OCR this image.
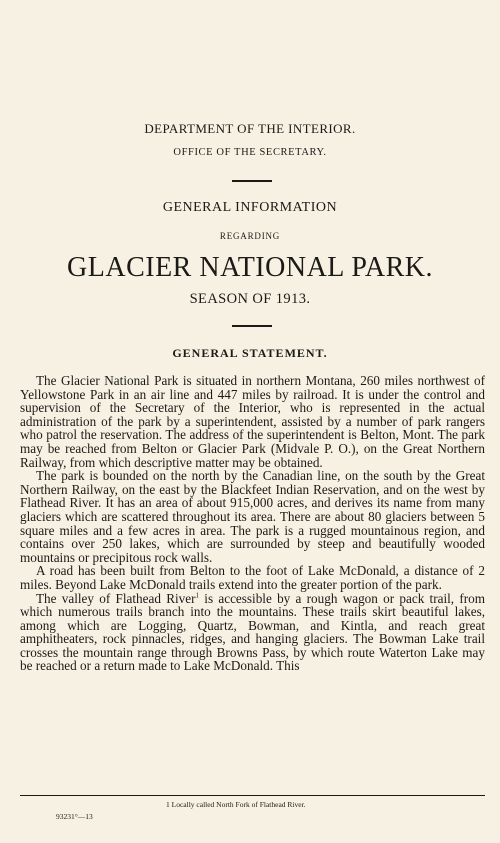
DEPARTMENT OF THE INTERIOR.
OFFICE OF THE SECRETARY.
GENERAL INFORMATION
REGARDING
GLACIER NATIONAL PARK.
SEASON OF 1913.
GENERAL STATEMENT.

The Glacier National Park is situated in northern Montana, 260 miles northwest of Yellowstone Park in an air line and 447 miles by railroad. It is under the control and supervision of the Secretary of the Interior, who is represented in the actual administration of the park by a superintendent, assisted by a number of park rangers who patrol the reservation. The address of the superintendent is Belton, Mont. The park may be reached from Belton or Glacier Park (Midvale P. O.), on the Great Northern Railway, from which descriptive matter may be obtained.

The park is bounded on the north by the Canadian line, on the south by the Great Northern Railway, on the east by the Blackfeet Indian Reservation, and on the west by Flathead River. It has an area of about 915,000 acres, and derives its name from many glaciers which are scattered throughout its area. There are about 80 glaciers between 5 square miles and a few acres in area. The park is a rugged mountainous region, and contains over 250 lakes, which are surrounded by steep and beautifully wooded mountains or precipitous rock walls.

A road has been built from Belton to the foot of Lake McDonald, a distance of 2 miles. Beyond Lake McDonald trails extend into the greater portion of the park.

The valley of Flathead River$^1$ is accessible by a rough wagon or pack trail, from which numerous trails branch into the mountains. These trails skirt beautiful lakes, among which are Logging, Quartz, Bowman, and Kintla, and reach great amphitheaters, rock pinnacles, ridges, and hanging glaciers. The Bowman Lake trail crosses the mountain range through Browns Pass, by which route Waterton Lake may be reached or a return made to Lake McDonald. This

1 Locally called North Fork of Flathead River.
93231°—13
